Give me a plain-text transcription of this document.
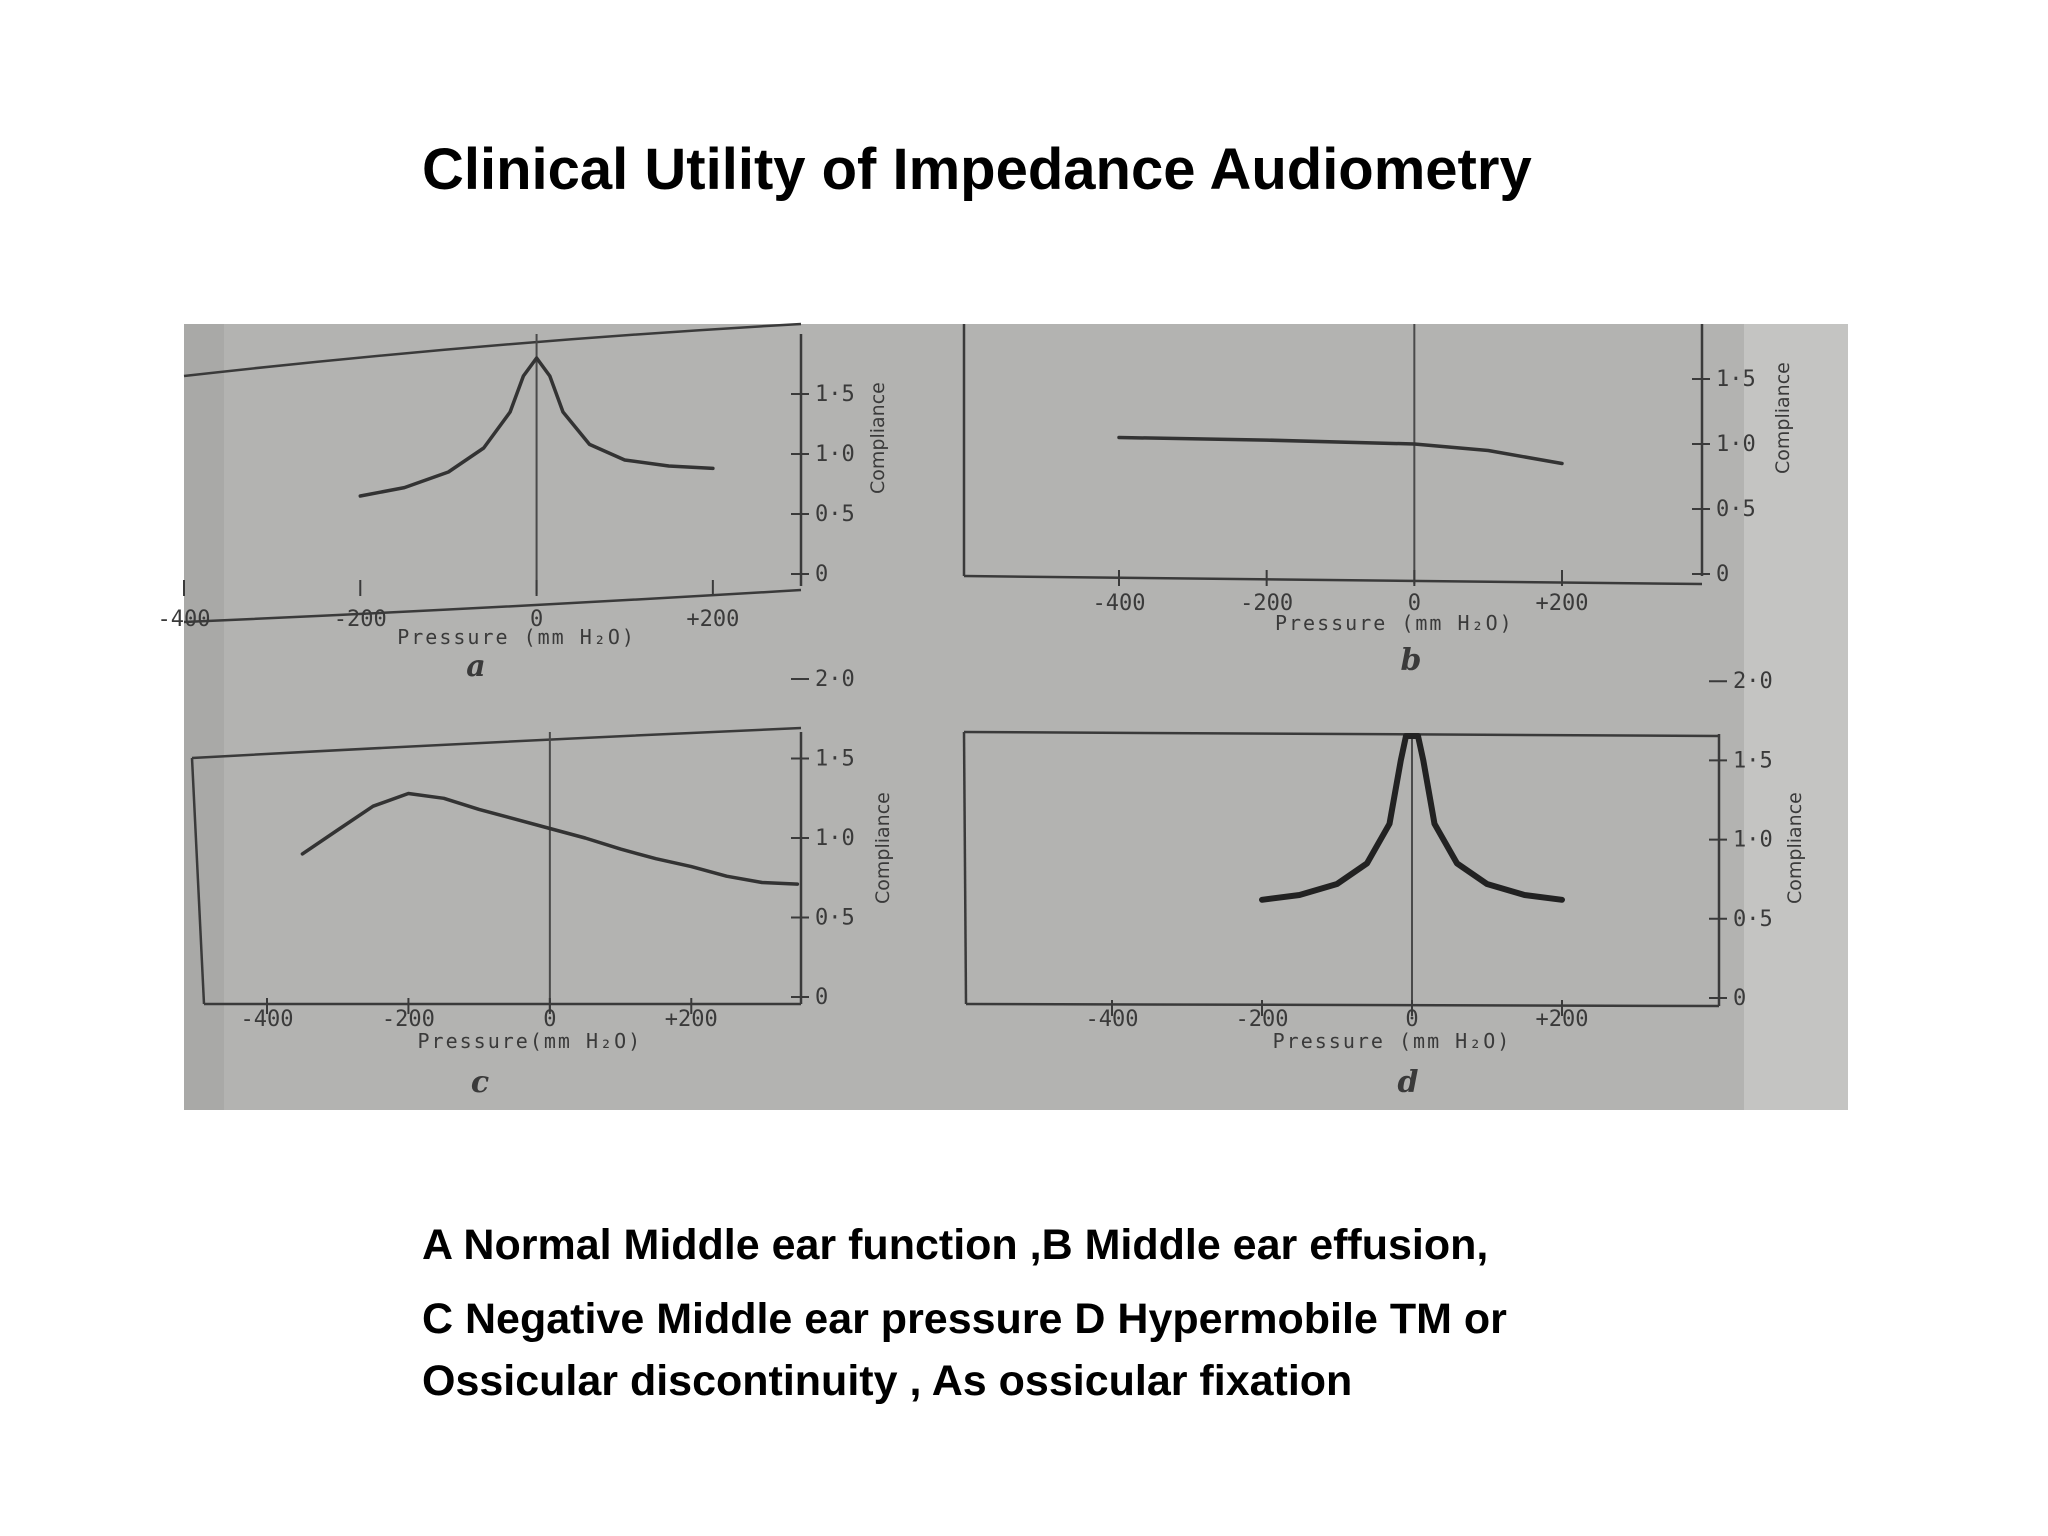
Clinical Utility of Impedance Audiometry
0
0·5
1·0
1·5 Compliance
-400	-200	0	+200
Pressure (mm H₂O)
a
0
0·5
1·0
1·5 Compliance
-400	-200	0	+200
Pressure (mm H₂O)
b
0
0·5
1·0
1·5
2·0
Compliance
-400	-200	0	+200
Pressure(mm H₂O)
c
0
0·5
1·0
1·5
2·0
Compliance
-400	-200	0	+200
Pressure (mm H₂O)
d
A Normal Middle ear function ,B Middle ear effusion,
C Negative Middle ear pressure D Hypermobile TM or
Ossicular discontinuity , As ossicular fixation
